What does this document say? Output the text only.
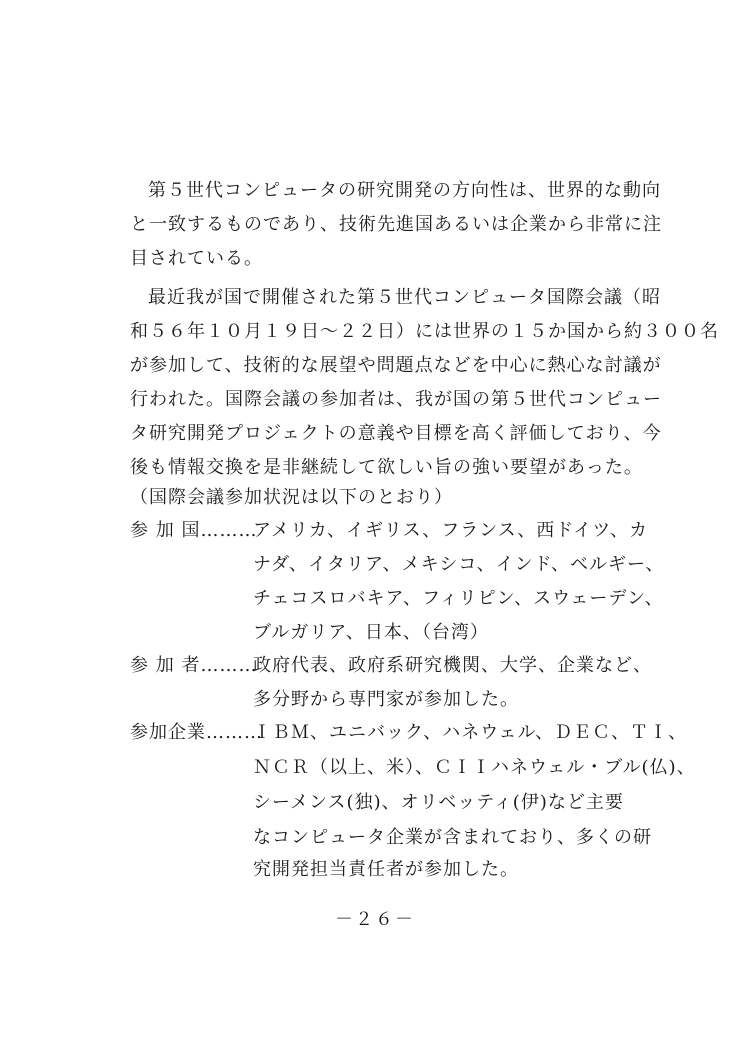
第５世代コンピュータの研究開発の方向性は、世界的な動向
と一致するものであり、技術先進国あるいは企業から非常に注
目されている。
最近我が国で開催された第５世代コンピュータ国際会議（昭
和５６年１０月１９日～２２日）には世界の１５か国から約３００名
が参加して、技術的な展望や問題点などを中心に熱心な討議が
行われた。国際会議の参加者は、我が国の第５世代コンピュー
タ研究開発プロジェクトの意義や目標を高く評価しており、今
後も情報交換を是非継続して欲しい旨の強い要望があった。
（国際会議参加状況は以下のとおり）
参 加 国………
アメリカ、イギリス、フランス、西ドイツ、カ
ナダ、イタリア、メキシコ、インド、ベルギー、
チェコスロバキア、フィリピン、スウェーデン、
ブルガリア、日本、（台湾）
参 加 者………
政府代表、政府系研究機関、大学、企業など、
多分野から専門家が参加した。
参加企業………
ＩＢＭ、ユニバック、ハネウェル、ＤＥＣ、ＴＩ、
ＮＣＲ（以上、米）、ＣＩＩハネウェル・ブル(仏)、
シーメンス(独)、オリベッティ(伊)など主要
なコンピュータ企業が含まれており、多くの研
究開発担当責任者が参加した。
－２６－
